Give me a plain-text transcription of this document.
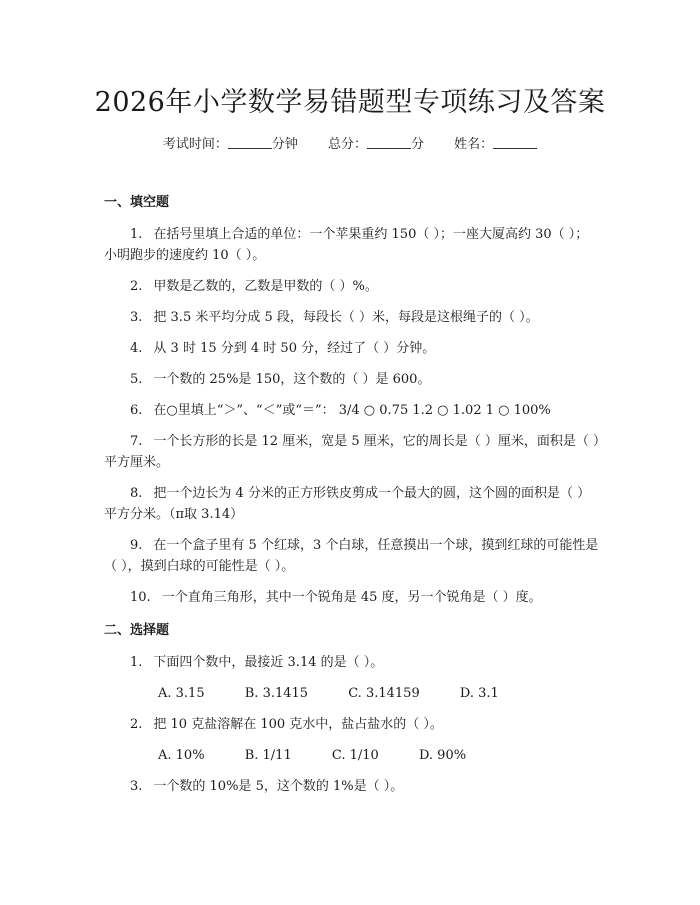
2026年小学数学易错题型专项练习及答案
考试时间：	分钟 总分：	分 姓名：
一、填空题
1. 在括号里填上合适的单位：一个苹果重约 150（ ）；一座大厦高约 30（ ）；小明跑步的速度约 10（ ）。
2. 甲数是乙数的，乙数是甲数的（ ）%。
3. 把 3.5 米平均分成 5 段，每段长（ ）米，每段是这根绳子的（ ）。
4. 从 3 时 15 分到 4 时 50 分，经过了（ ）分钟。
5. 一个数的 25%是 150，这个数的（ ）是 600。
6. 在○里填上“＞”、“＜”或“＝”： 3/4 ○ 0.75 1.2 ○ 1.02 1 ○ 100%
7. 一个长方形的长是 12 厘米，宽是 5 厘米，它的周长是（ ）厘米，面积是（ ）平方厘米。
8. 把一个边长为 4 分米的正方形铁皮剪成一个最大的圆，这个圆的面积是（ ）平方分米。（π取 3.14）
9. 在一个盒子里有 5 个红球，3 个白球，任意摸出一个球，摸到红球的可能性是（ ），摸到白球的可能性是（ ）。
10. 一个直角三角形，其中一个锐角是 45 度，另一个锐角是（ ）度。
二、选择题
1. 下面四个数中，最接近 3.14 的是（ ）。
A. 3.15	B. 3.1415	C. 3.14159	D. 3.1
2. 把 10 克盐溶解在 100 克水中，盐占盐水的（ ）。
A. 10%	B. 1/11	C. 1/10	D. 90%
3. 一个数的 10%是 5，这个数的 1%是（ ）。
